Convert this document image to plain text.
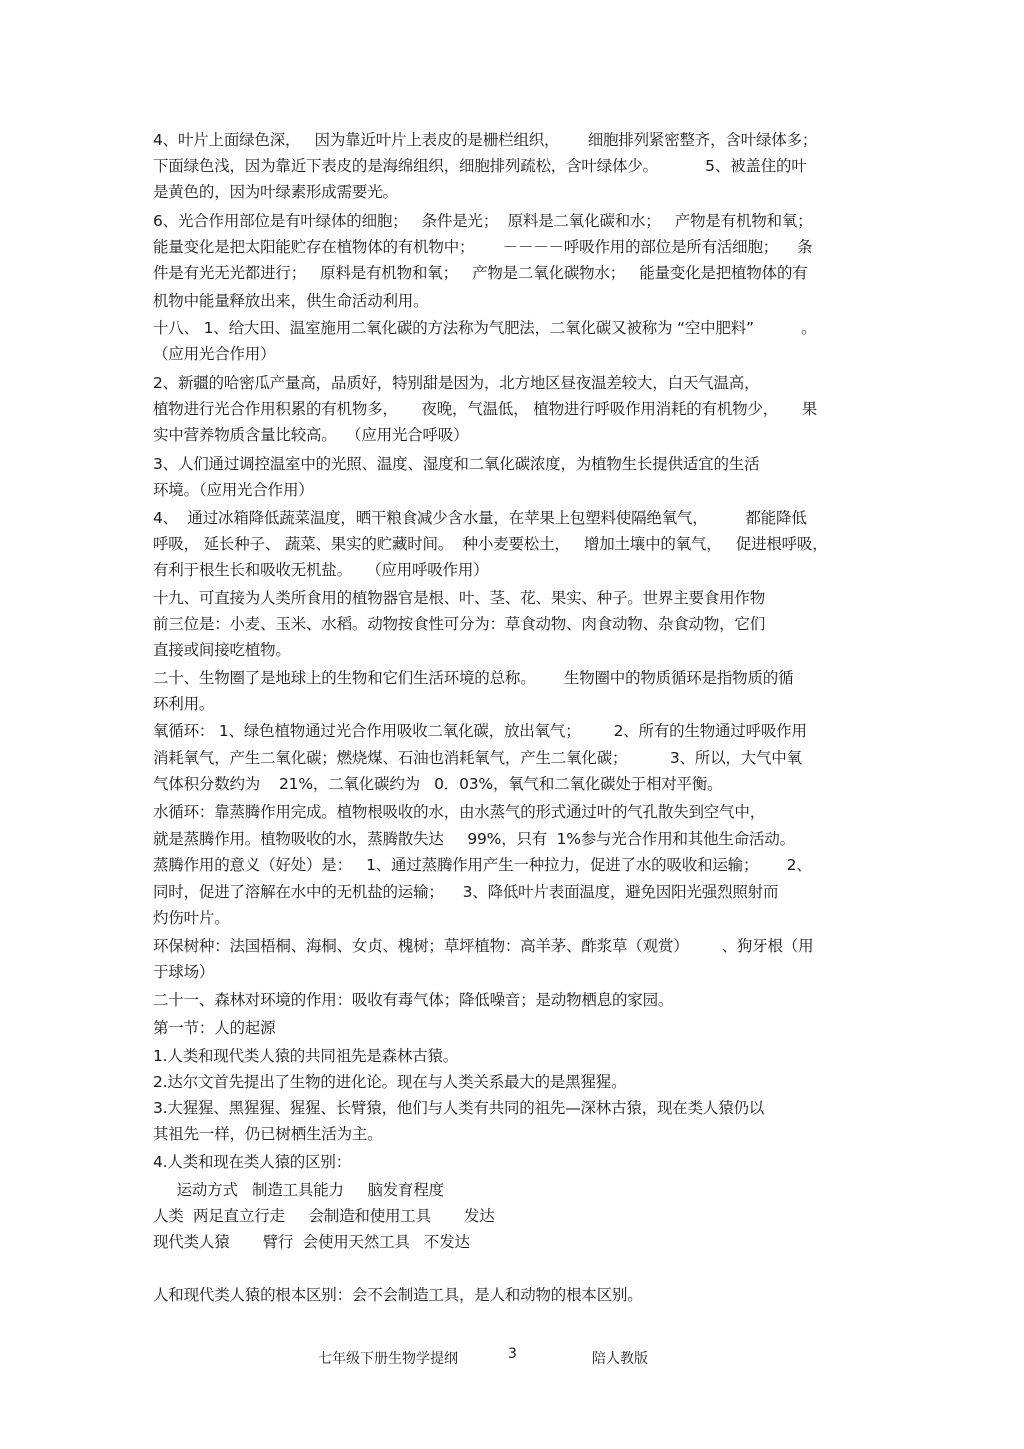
4、叶片上面绿色深，   因为靠近叶片上表皮的是栅栏组织，      细胞排列紧密整齐，含叶绿体多；
下面绿色浅，因为靠近下表皮的是海绵组织，细胞排列疏松，含叶绿体少。          5、被盖住的叶
是黄色的，因为叶绿素形成需要光。
6、光合作用部位是有叶绿体的细胞；   条件是光；  原料是二氧化碳和水；   产物是有机物和氧；
能量变化是把太阳能贮存在植物体的有机物中；      －－－－呼吸作用的部位是所有活细胞；    条
件是有光无光都进行；   原料是有机物和氧；   产物是二氧化碳物水；   能量变化是把植物体的有
机物中能量释放出来，供生命活动利用。
十八、 1、给大田、温室施用二氧化碳的方法称为气肥法，二氧化碳又被称为 “空中肥料”          。
（应用光合作用）
2、新疆的哈密瓜产量高，品质好，特别甜是因为，北方地区昼夜温差较大，白天气温高，
植物进行光合作用积累的有机物多，     夜晚，气温低， 植物进行呼吸作用消耗的有机物少，     果
实中营养物质含量比较高。  （应用光合呼吸）
3、人们通过调控温室中的光照、温度、湿度和二氧化碳浓度，为植物生长提供适宜的生活
环境。（应用光合作用）
4、  通过冰箱降低蔬菜温度，晒干粮食减少含水量，在苹果上包塑料使隔绝氧气，        都能降低
呼吸， 延长种子、 蔬菜、果实的贮藏时间。  种小麦要松土，   增加土壤中的氧气，   促进根呼吸，
有利于根生长和吸收无机盐。   （应用呼吸作用）
十九、可直接为人类所食用的植物器官是根、叶、茎、花、果实、种子。世界主要食用作物
前三位是：小麦、玉米、水稻。动物按食性可分为：草食动物、肉食动物、杂食动物，它们
直接或间接吃植物。
二十、生物圈了是地球上的生物和它们生活环境的总称。      生物圈中的物质循环是指物质的循
环利用。
氧循环： 1、绿色植物通过光合作用吸收二氧化碳，放出氧气；       2、所有的生物通过呼吸作用
消耗氧气，产生二氧化碳；燃烧煤、石油也消耗氧气，产生二氧化碳；         3、所以，大气中氧
气体积分数约为    21%，二氧化碳约为   0．03%，氧气和二氧化碳处于相对平衡。
水循环：靠蒸腾作用完成。植物根吸收的水，由水蒸气的形式通过叶的气孔散失到空气中，
就是蒸腾作用。植物吸收的水，蒸腾散失达     99%，只有  1%参与光合作用和其他生命活动。
蒸腾作用的意义（好处）是：   1、通过蒸腾作用产生一种拉力，促进了水的吸收和运输；      2、
同时，促进了溶解在水中的无机盐的运输；    3、降低叶片表面温度，避免因阳光强烈照射而
灼伤叶片。
环保树种：法国梧桐、海桐、女贞、槐树；草坪植物：高羊茅、酢浆草（观赏）       、狗牙根（用
于球场）
二十一、森林对环境的作用：吸收有毒气体；降低噪音；是动物栖息的家园。
第一节：人的起源
1.人类和现代类人猿的共同祖先是森林古猿。
2.达尔文首先提出了生物的进化论。现在与人类关系最大的是黑猩猩。
3.大猩猩、黑猩猩、猩猩、长臂猿，他们与人类有共同的祖先—深林古猿，现在类人猿仍以
其祖先一样，仍已树栖生活为主。
4.人类和现在类人猿的区别：
运动方式   制造工具能力     脑发育程度
人类  两足直立行走     会制造和使用工具       发达
现代类人猿       臂行  会使用天然工具   不发达
人和现代类人猿的根本区别：会不会制造工具，是人和动物的根本区别。
七年级下册生物学提纲	3	陪人教版
